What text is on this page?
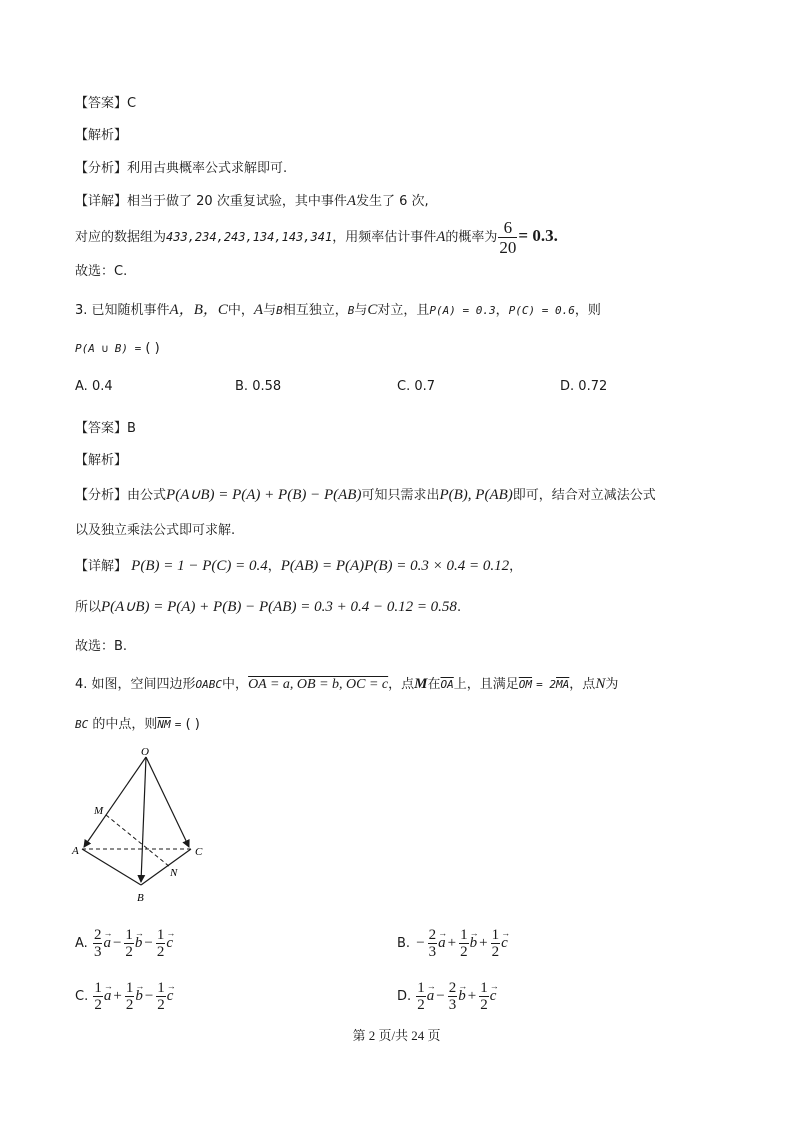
【答案】C
【解析】
【分析】利用古典概率公式求解即可.
【详解】相当于做了 20 次重复试验，其中事件A发生了 6 次,
对应的数据组为433,234,243,134,143,341，用频率估计事件A的概率为 $\frac{6}{20} = 0.3$.
故选：C.
3. 已知随机事件A，B，C中，A与B相互独立，B与C对立，且P(A) = 0.3，P(C) = 0.6，则
P(A ∪ B) = ( )
A. 0.4	B. 0.58	C. 0.7	D. 0.72
【答案】B
【解析】
【分析】由公式P(A∪B) = P(A) + P(B) − P(AB)可知只需求出P(B), P(AB)即可，结合对立减法公式
以及独立乘法公式即可求解.
【详解】 P(B) = 1 − P(C) = 0.4，P(AB) = P(A)P(B) = 0.3 × 0.4 = 0.12，
所以P(A∪B) = P(A) + P(B) − P(AB) = 0.3 + 0.4 − 0.12 = 0.58.
故选：B.
4. 如图，空间四边形OABC中，OA = a, OB = b, OC = c，点M在$\overline{OA}$上，且满足$\overline{OM} = 2\overline{MA}$，点N为
BC 的中点，则$\overline{NM}$ = ( )
O
M
A	C
N
B
A. $\frac{2}{3}$ a
→
− $\frac{1}{2}$ b
→
− $\frac{1}{2}$ c
→
B. − $\frac{2}{3}$ a
→
+ $\frac{1}{2}$ b
→
+ $\frac{1}{2}$ c
→
C. $\frac{1}{2}$ a
→
+ $\frac{1}{2}$ b
→
− $\frac{1}{2}$ c
→
D. $\frac{1}{2}$ a
→
− $\frac{2}{3}$ b
→
+ $\frac{1}{2}$ c
→
第 2 页/共 24 页
